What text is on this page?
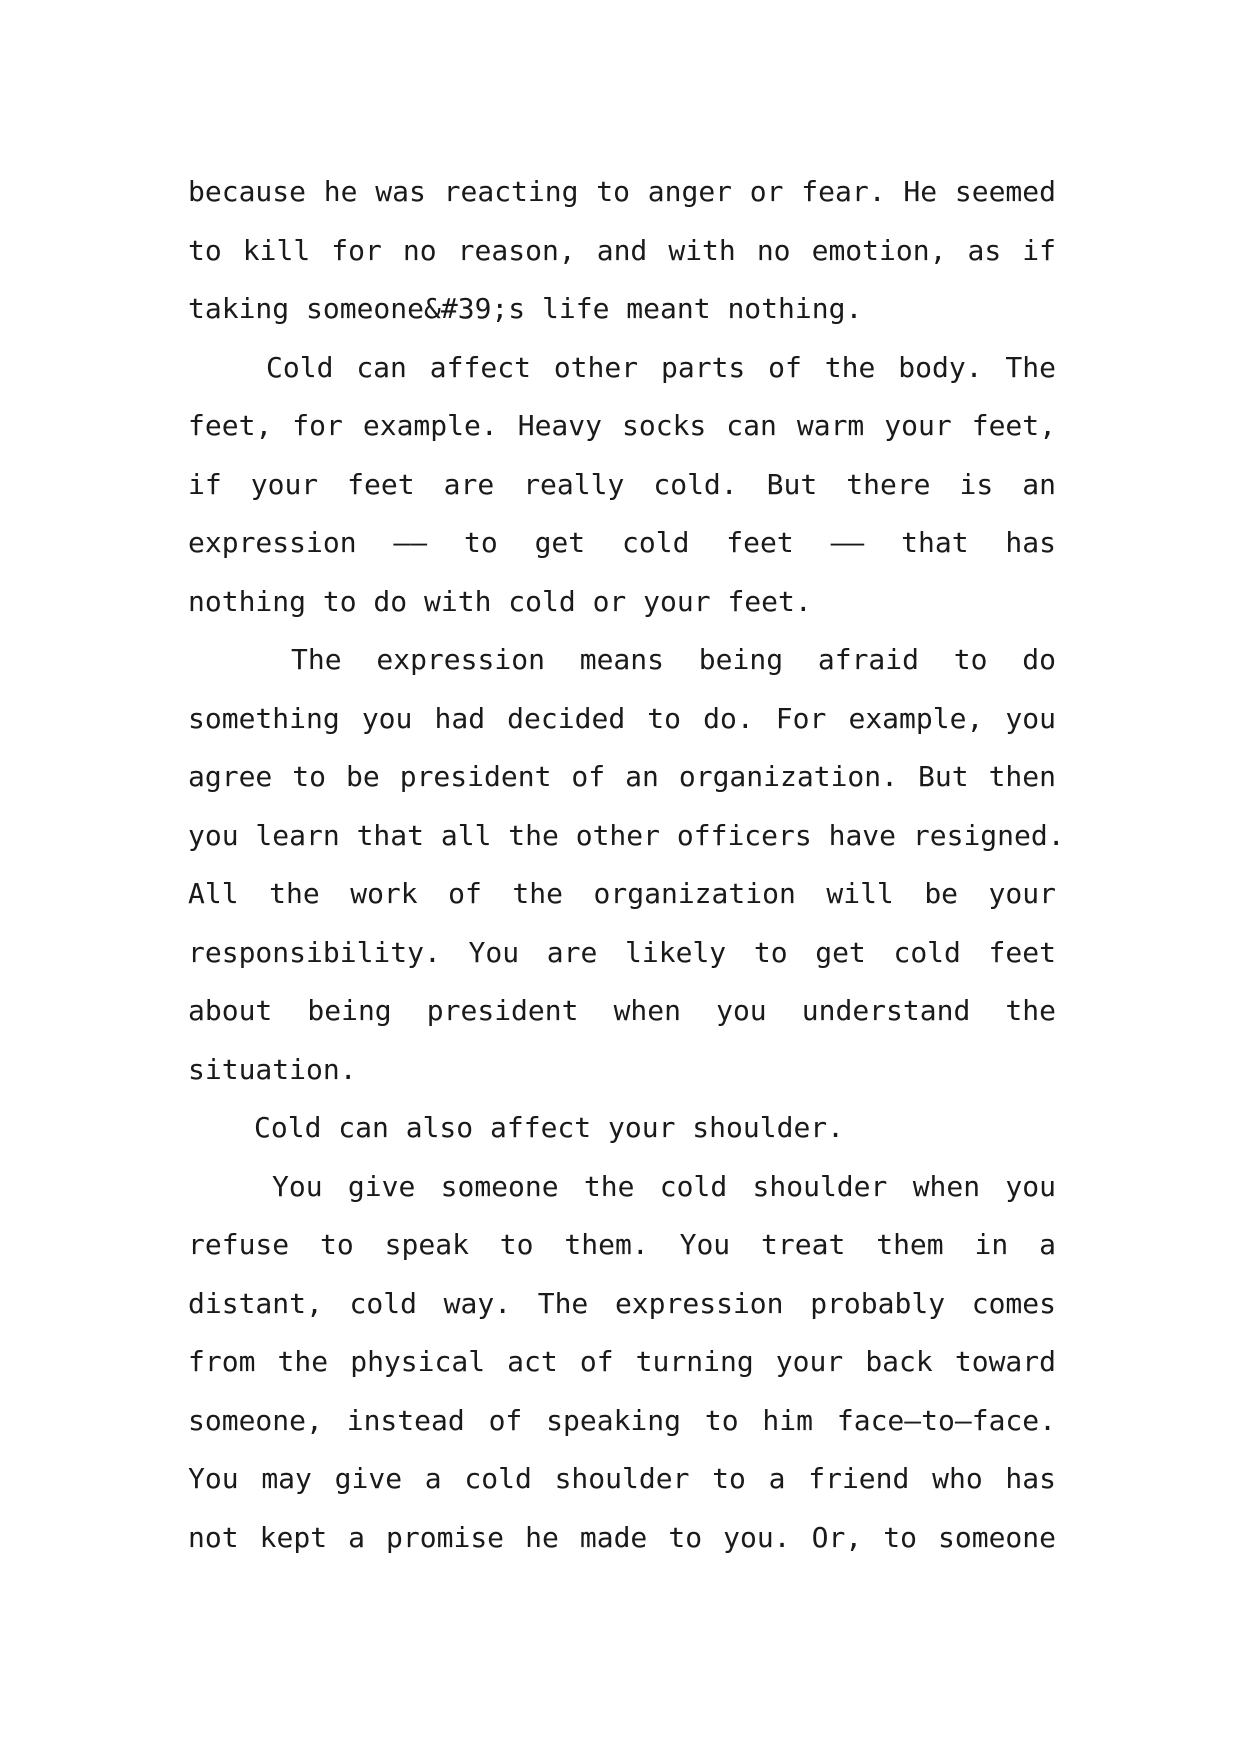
because he was reacting to anger or fear. He seemed
to kill for no reason, and with no emotion, as if
taking someone&#39;s life meant nothing.
Cold can affect other parts of the body. The
feet, for example. Heavy socks can warm your feet,
if your feet are really cold. But there is an
expression —— to get cold feet —— that has
nothing to do with cold or your feet.
The expression means being afraid to do
something you had decided to do. For example, you
agree to be president of an organization. But then
you learn that all the other officers have resigned.
All the work of the organization will be your
responsibility. You are likely to get cold feet
about being president when you understand the
situation.
Cold can also affect your shoulder.
You give someone the cold shoulder when you
refuse to speak to them. You treat them in a
distant, cold way. The expression probably comes
from the physical act of turning your back toward
someone, instead of speaking to him face—to—face.
You may give a cold shoulder to a friend who has
not kept a promise he made to you. Or, to someone
